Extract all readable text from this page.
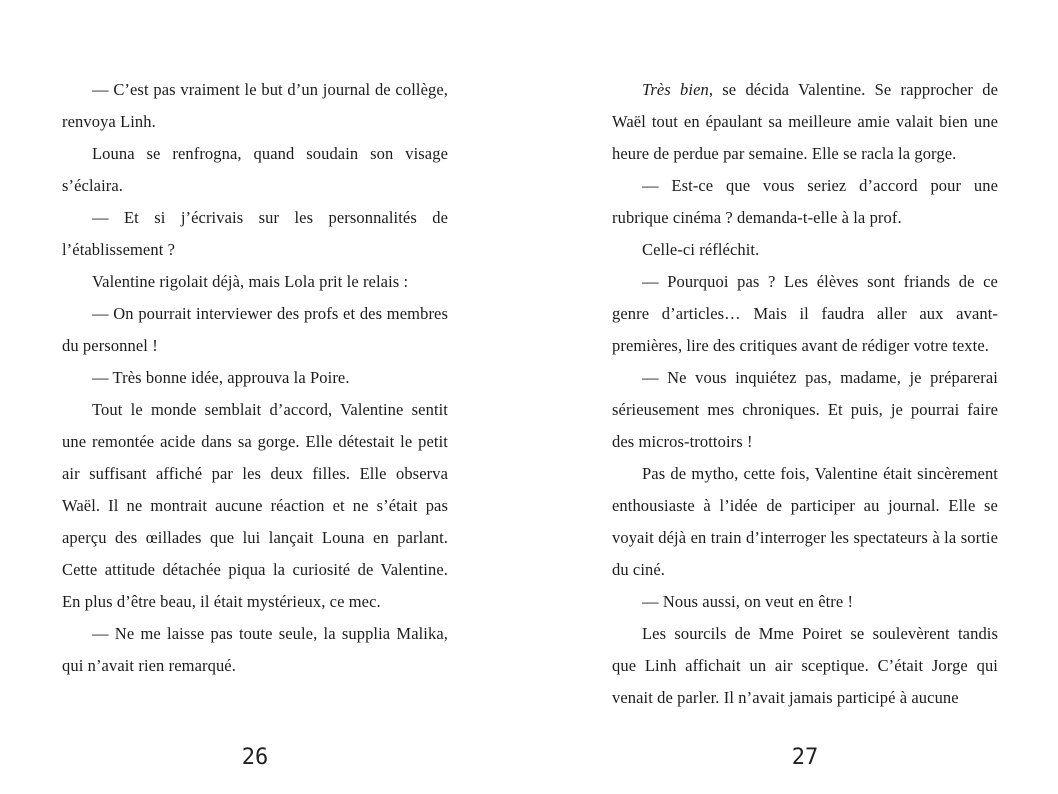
— C’est pas vraiment le but d’un journal de collège, renvoya Linh.

Louna se renfrogna, quand soudain son visage s’éclaira.

— Et si j’écrivais sur les personnalités de l’établissement ?

Valentine rigolait déjà, mais Lola prit le relais :

— On pourrait interviewer des profs et des membres du personnel !

— Très bonne idée, approuva la Poire.

Tout le monde semblait d’accord, Valentine sentit une remontée acide dans sa gorge. Elle détestait le petit air suffisant affiché par les deux filles. Elle observa Waël. Il ne montrait aucune réaction et ne s’était pas aperçu des œillades que lui lançait Louna en parlant. Cette attitude détachée piqua la curiosité de Valentine. En plus d’être beau, il était mystérieux, ce mec.

— Ne me laisse pas toute seule, la supplia Malika, qui n’avait rien remarqué.

26

Très bien, se décida Valentine. Se rapprocher de Waël tout en épaulant sa meilleure amie valait bien une heure de perdue par semaine. Elle se racla la gorge.

— Est-ce que vous seriez d’accord pour une rubrique cinéma ? demanda-t-elle à la prof.

Celle-ci réfléchit.

— Pourquoi pas ? Les élèves sont friands de ce genre d’articles… Mais il faudra aller aux avant-premières, lire des critiques avant de rédiger votre texte.

— Ne vous inquiétez pas, madame, je préparerai sérieusement mes chroniques. Et puis, je pourrai faire des micros-trottoirs !

Pas de mytho, cette fois, Valentine était sincèrement enthousiaste à l’idée de participer au journal. Elle se voyait déjà en train d’interroger les spectateurs à la sortie du ciné.

— Nous aussi, on veut en être !

Les sourcils de Mme Poiret se soulevèrent tandis que Linh affichait un air sceptique. C’était Jorge qui venait de parler. Il n’avait jamais participé à aucune

27
